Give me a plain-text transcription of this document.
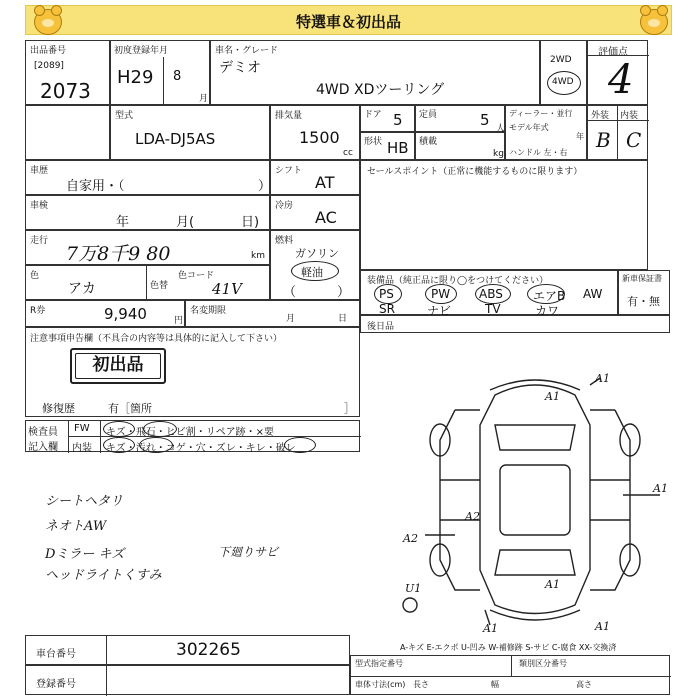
特選車＆初出品
出品番号
[2089]
2073
初度登録年月
H29 8
月
車名・グレード
デミオ
4WD XDツーリング
2WD
4WD
評価点
4
型式
LDA-DJ5AS
排気量
1500
cc
ドア 5 定員	5 人
形状 HB 積載
kg
ディーラー・並行
モデル年式
年
ハンドル 左・右
外装 内装
B C
車歴
自家用・（	）
シフト
AT
車検
年	月(	日)
冷房
AC
走行
7万8千9 80	km
燃料
ガソリン
軽油
（	）
色
アカ	色替
色コード
41V
R券	9,940	円
名変期限
月	日
セールスポイント（正常に機能するものに限ります）
装備品（純正品に限り◯をつけてください）
PS	PW ABS	エアB AW
SR	ナビ	TV	カワ
新車保証書
有・無
後日品
注意事項申告欄（不具合の内容等は具体的に記入して下さい）
初出品
修復歴	有［箇所	］
検査員
記入欄
FW キズ・飛石・ヒビ割・リペア跡・×要
内装 キズ・汚れ・コゲ・穴・ズレ・キレ・破レ
シートヘタリ
ネオトAW
Dミラー キズ
ヘッドライトくすみ
下廻りサビ
A1
A1
A2
A2
A1
A1	A1
A1
U1
車台番号	302265
登録番号
A-キズ E-エクボ U-凹み W-補修跡 S-サビ C-腐食 XX-交換済
型式指定番号	類別区分番号
車体寸法(cm) 長さ	幅	高さ
